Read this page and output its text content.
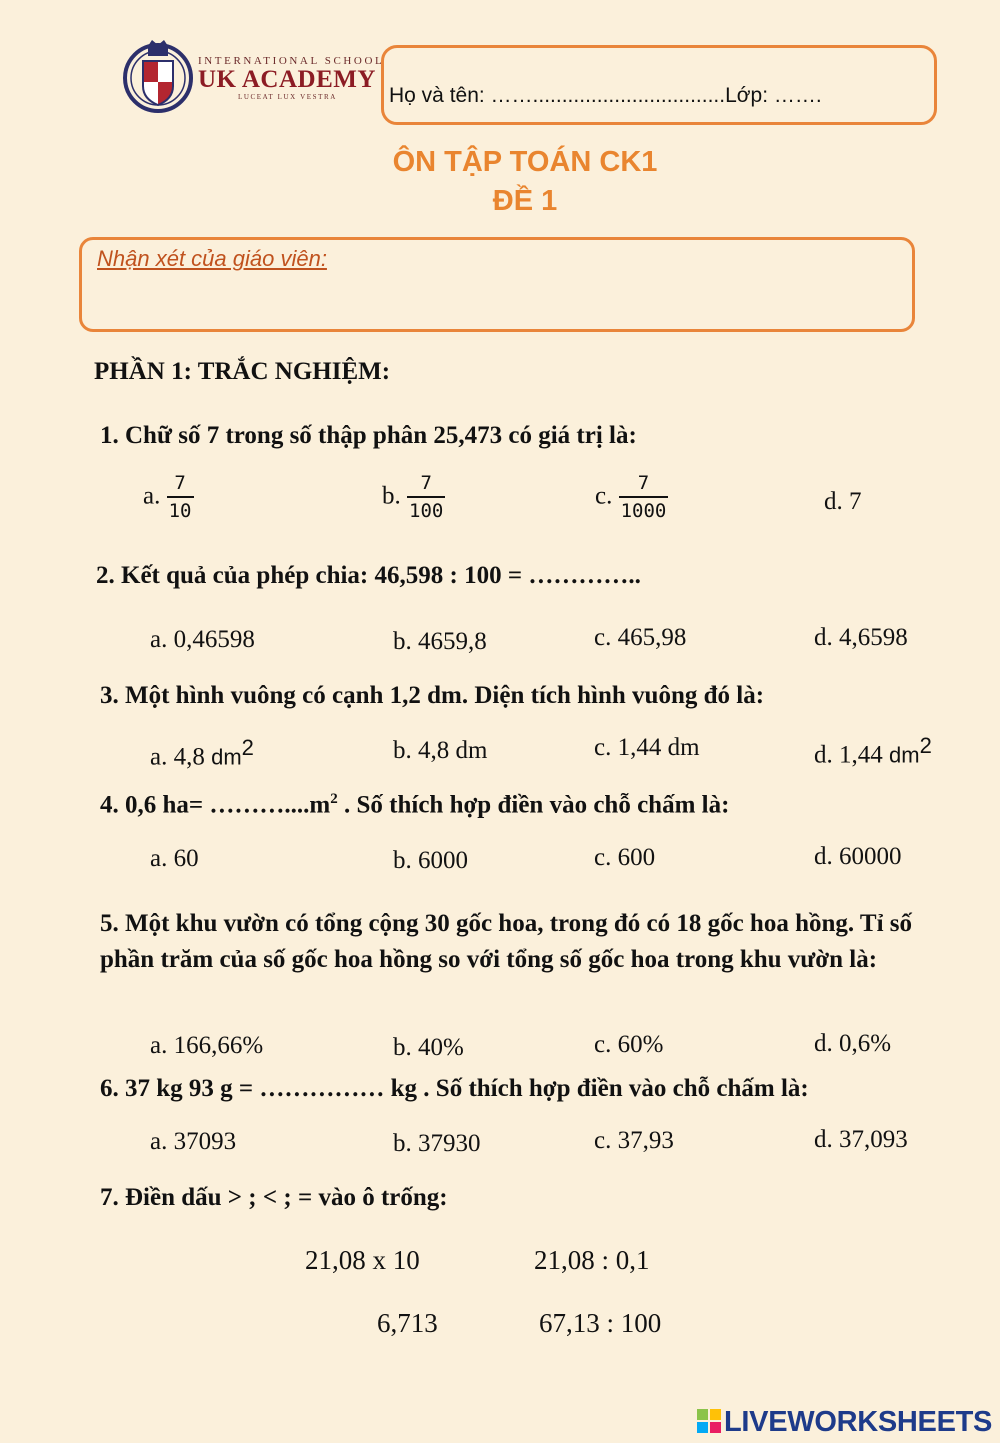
INTERNATIONAL SCHOOL
UK ACADEMY
LUCEAT LUX VESTRA Họ và tên: …….................................Lớp: …….
ÔN TẬP TOÁN CK1
ĐỀ 1
Nhận xét của giáo viên:
PHẦN 1: TRẮC NGHIỆM:
1. Chữ số 7 trong số thập phân 25,473 có giá trị là:
a. $\frac{7}{10}$	b. $\frac{7}{100}$	c. $\frac{7}{1000}$	d. 7
2. Kết quả của phép chia: 46,598 : 100 = …………..
a. 0,46598	b. 4659,8	c. 465,98	d. 4,6598
3. Một hình vuông có cạnh 1,2 dm. Diện tích hình vuông đó là:
a. 4,8 dm2	b. 4,8 dm	c. 1,44 dm	d. 1,44 dm2
4. 0,6 $ha= \dots\dots\dots....m^2$ . Số thích hợp điền vào chỗ chấm là:
a. 60	b. 6000	c. 600	d. 60000
5. Một khu vườn có tổng cộng 30 gốc hoa, trong đó có 18 gốc hoa hồng. Tỉ số phần trăm của số gốc hoa hồng so với tổng số gốc hoa trong khu vườn là:
a. 166,66%	b. 40%	c. 60%	d. 0,6%
6. 37 kg 93 g = …………… kg . Số thích hợp điền vào chỗ chấm là:
a. 37093	b. 37930	c. 37,93	d. 37,093
7. Điền dấu > ; < ; = vào ô trống:
21,08 x 10	21,08 : 0,1
6,713	67,13 : 100
LIVEWORKSHEETS
